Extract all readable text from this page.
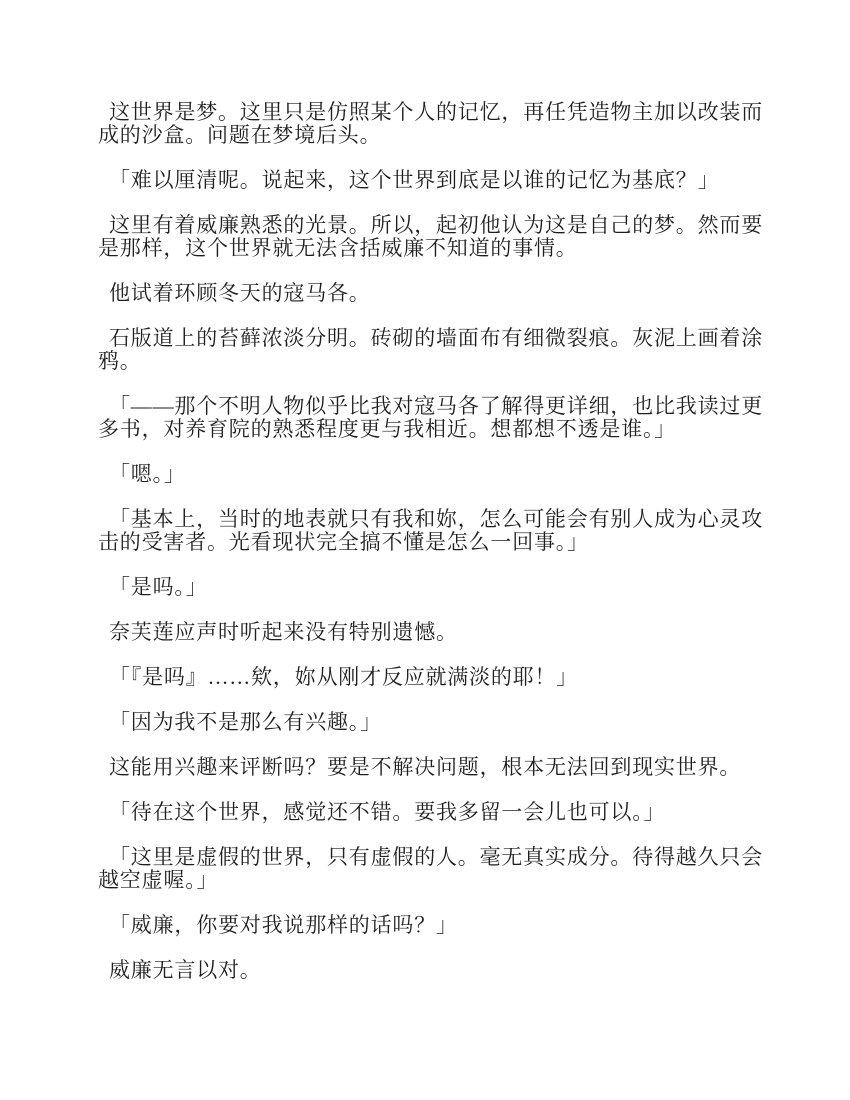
这世界是梦。这里只是仿照某个人的记忆，再任凭造物主加以改装而成的沙盒。问题在梦境后头。

「难以厘清呢。说起来，这个世界到底是以谁的记忆为基底？」

这里有着威廉熟悉的光景。所以，起初他认为这是自己的梦。然而要是那样，这个世界就无法含括威廉不知道的事情。

他试着环顾冬天的寇马各。

石版道上的苔藓浓淡分明。砖砌的墙面布有细微裂痕。灰泥上画着涂鸦。

「——那个不明人物似乎比我对寇马各了解得更详细，也比我读过更多书，对养育院的熟悉程度更与我相近。想都想不透是谁。」

「嗯。」

「基本上，当时的地表就只有我和妳，怎么可能会有别人成为心灵攻击的受害者。光看现状完全搞不懂是怎么一回事。」

「是吗。」

奈芙莲应声时听起来没有特别遗憾。

「『是吗』……欸，妳从刚才反应就满淡的耶！」

「因为我不是那么有兴趣。」

这能用兴趣来评断吗？要是不解决问题，根本无法回到现实世界。

「待在这个世界，感觉还不错。要我多留一会儿也可以。」

「这里是虚假的世界，只有虚假的人。毫无真实成分。待得越久只会越空虚喔。」

「威廉，你要对我说那样的话吗？」

威廉无言以对。
